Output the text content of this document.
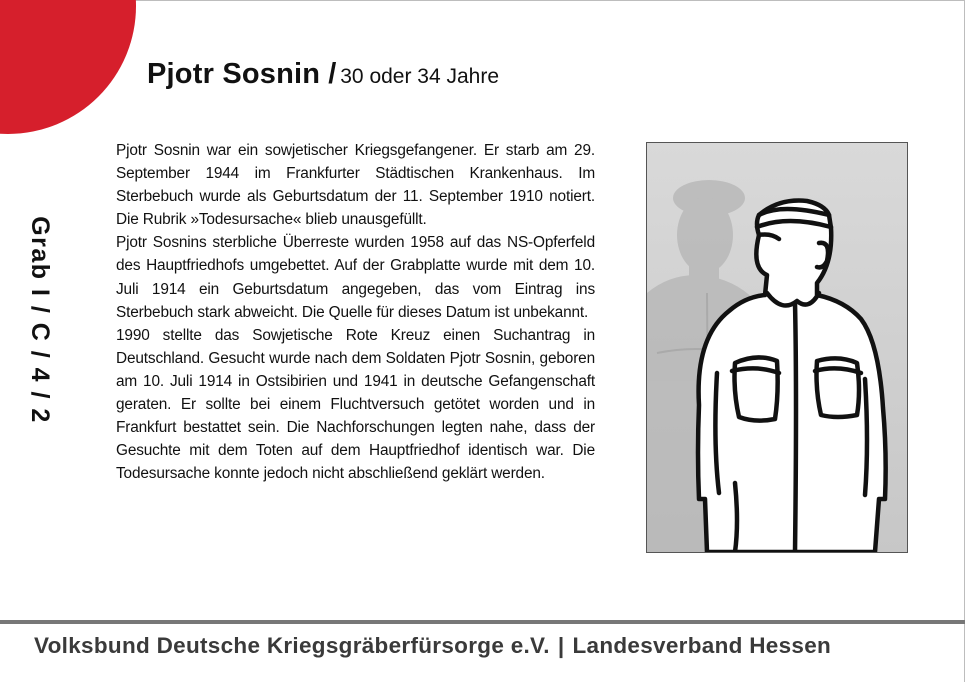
Pjotr Sosnin / 30 oder 34 Jahre
Grab I / C / 4 / 2

Pjotr Sosnin war ein sowjetischer Kriegsgefangener. Er starb am 29. September 1944 im Frankfurter Städtischen Krankenhaus. Im Sterbebuch wurde als Geburtsdatum der 11. September 1910 notiert. Die Rubrik »Todesursache« blieb unausgefüllt.

Pjotr Sosnins sterbliche Überreste wurden 1958 auf das NS-Opferfeld des Hauptfriedhofs umgebettet. Auf der Grabplatte wurde mit dem 10. Juli 1914 ein Geburtsdatum angegeben, das vom Eintrag ins Sterbebuch stark abweicht. Die Quelle für dieses Datum ist unbekannt.

1990 stellte das Sowjetische Rote Kreuz einen Suchantrag in Deutschland. Gesucht wurde nach dem Soldaten Pjotr Sosnin, geboren am 10. Juli 1914 in Ostsibirien und 1941 in deutsche Gefangenschaft geraten. Er sollte bei einem Fluchtversuch getötet worden und in Frankfurt bestattet sein. Die Nachforschungen legten nahe, dass der Gesuchte mit dem Toten auf dem Hauptfriedhof identisch war. Die Todesursache konnte jedoch nicht abschließend geklärt werden.

Volksbund Deutsche Kriegsgräberfürsorge e.V. | Landesverband Hessen
